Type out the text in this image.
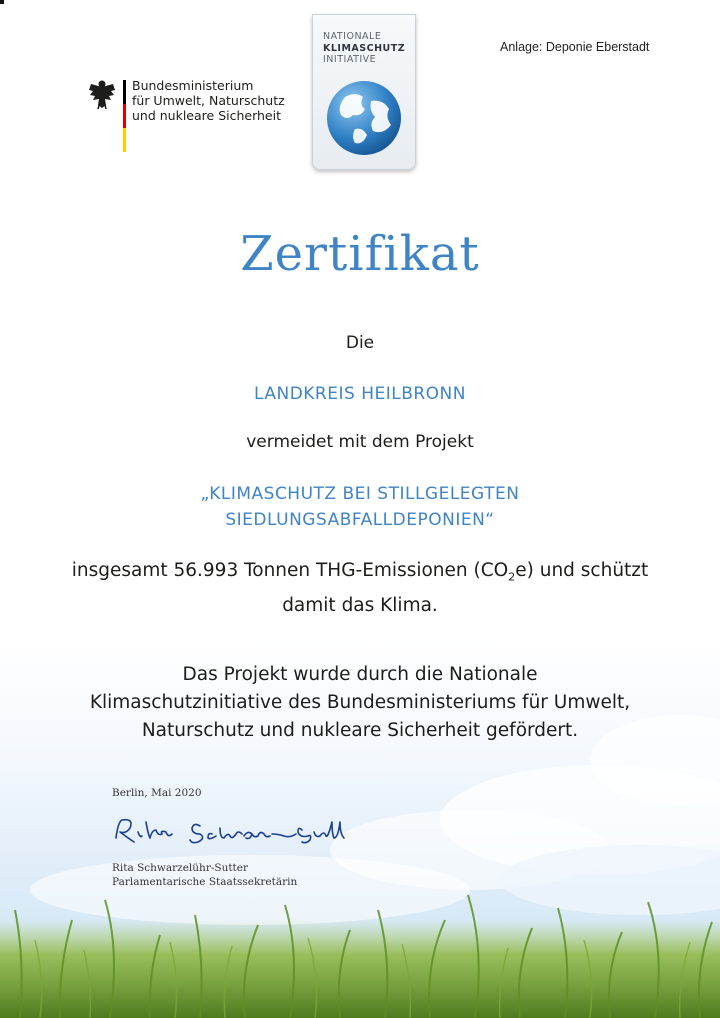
Anlage: Deponie Eberstadt
Bundesministerium
für Umwelt, Naturschutz
und nukleare Sicherheit
NATIONALE
KLIMASCHUTZ
INITIATIVE
Zertifikat
Die
LANDKREIS HEILBRONN
vermeidet mit dem Projekt
„KLIMASCHUTZ BEI STILLGELEGTEN
SIEDLUNGSABFALLDEPONIEN“
insgesamt 56.993 Tonnen THG-Emissionen $(CO_2e)$ und schützt
damit das Klima.
Das Projekt wurde durch die Nationale
Klimaschutzinitiative des Bundesministeriums für Umwelt,
Naturschutz und nukleare Sicherheit gefördert.
Berlin, Mai 2020
Rita Schwarzelühr-Sutter
Parlamentarische Staatssekretärin
